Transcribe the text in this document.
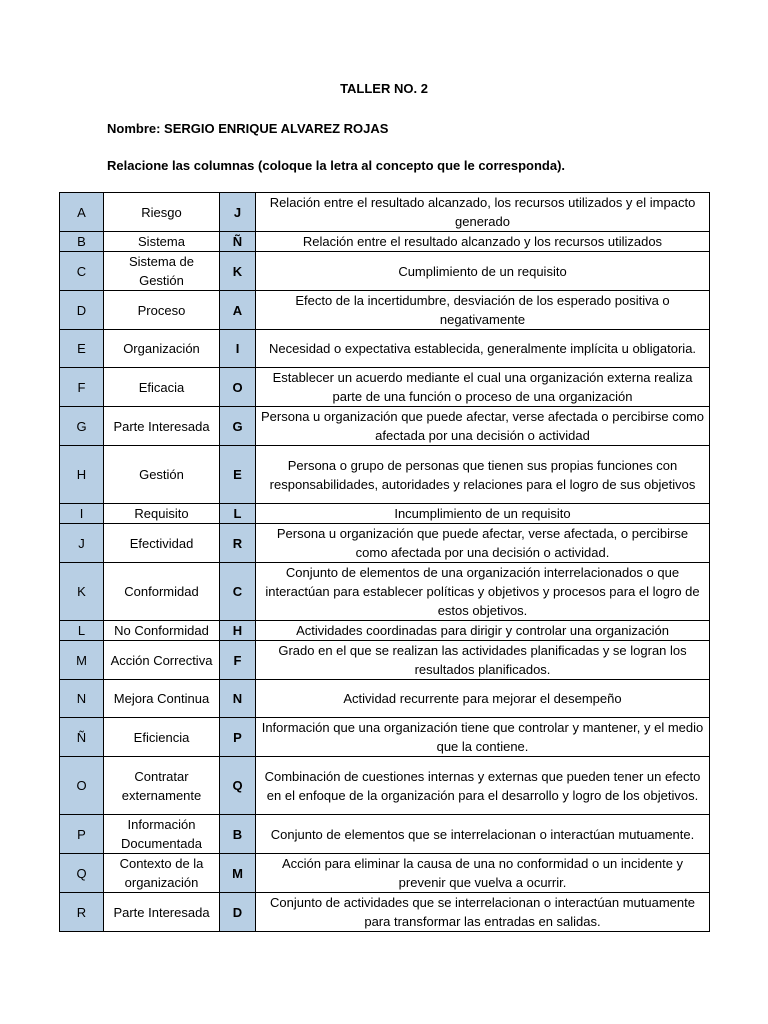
TALLER NO. 2
Nombre: SERGIO ENRIQUE ALVAREZ ROJAS
Relacione las columnas (coloque la letra al concepto que le corresponda).
A	Riesgo	J	Relación entre el resultado alcanzado, los recursos utilizados y el impacto generado
B	Sistema	Ñ	Relación entre el resultado alcanzado y los recursos utilizados
C	Sistema de Gestión	K	Cumplimiento de un requisito
D	Proceso	A	Efecto de la incertidumbre, desviación de los esperado positiva o negativamente
E	Organización	I	Necesidad o expectativa establecida, generalmente implícita u obligatoria.
F	Eficacia	O	Establecer un acuerdo mediante el cual una organización externa realiza parte de una función o proceso de una organización
G	Parte Interesada	G	Persona u organización que puede afectar, verse afectada o percibirse como afectada por una decisión o actividad
H	Gestión	E	Persona o grupo de personas que tienen sus propias funciones con responsabilidades, autoridades y relaciones para el logro de sus objetivos
I	Requisito	L	Incumplimiento de un requisito
J	Efectividad	R	Persona u organización que puede afectar, verse afectada, o percibirse como afectada por una decisión o actividad.
K	Conformidad	C	Conjunto de elementos de una organización interrelacionados o que interactúan para establecer políticas y objetivos y procesos para el logro de estos objetivos.
L	No Conformidad	H	Actividades coordinadas para dirigir y controlar una organización
M	Acción Correctiva	F	Grado en el que se realizan las actividades planificadas y se logran los resultados planificados.
N	Mejora Continua	N	Actividad recurrente para mejorar el desempeño
Ñ	Eficiencia	P	Información que una organización tiene que controlar y mantener, y el medio que la contiene.
O	Contratar externamente	Q	Combinación de cuestiones internas y externas que pueden tener un efecto en el enfoque de la organización para el desarrollo y logro de los objetivos.
P	Información Documentada	B	Conjunto de elementos que se interrelacionan o interactúan mutuamente.
Q	Contexto de la organización	M	Acción para eliminar la causa de una no conformidad o un incidente y prevenir que vuelva a ocurrir.
R	Parte Interesada	D	Conjunto de actividades que se interrelacionan o interactúan mutuamente para transformar las entradas en salidas.
